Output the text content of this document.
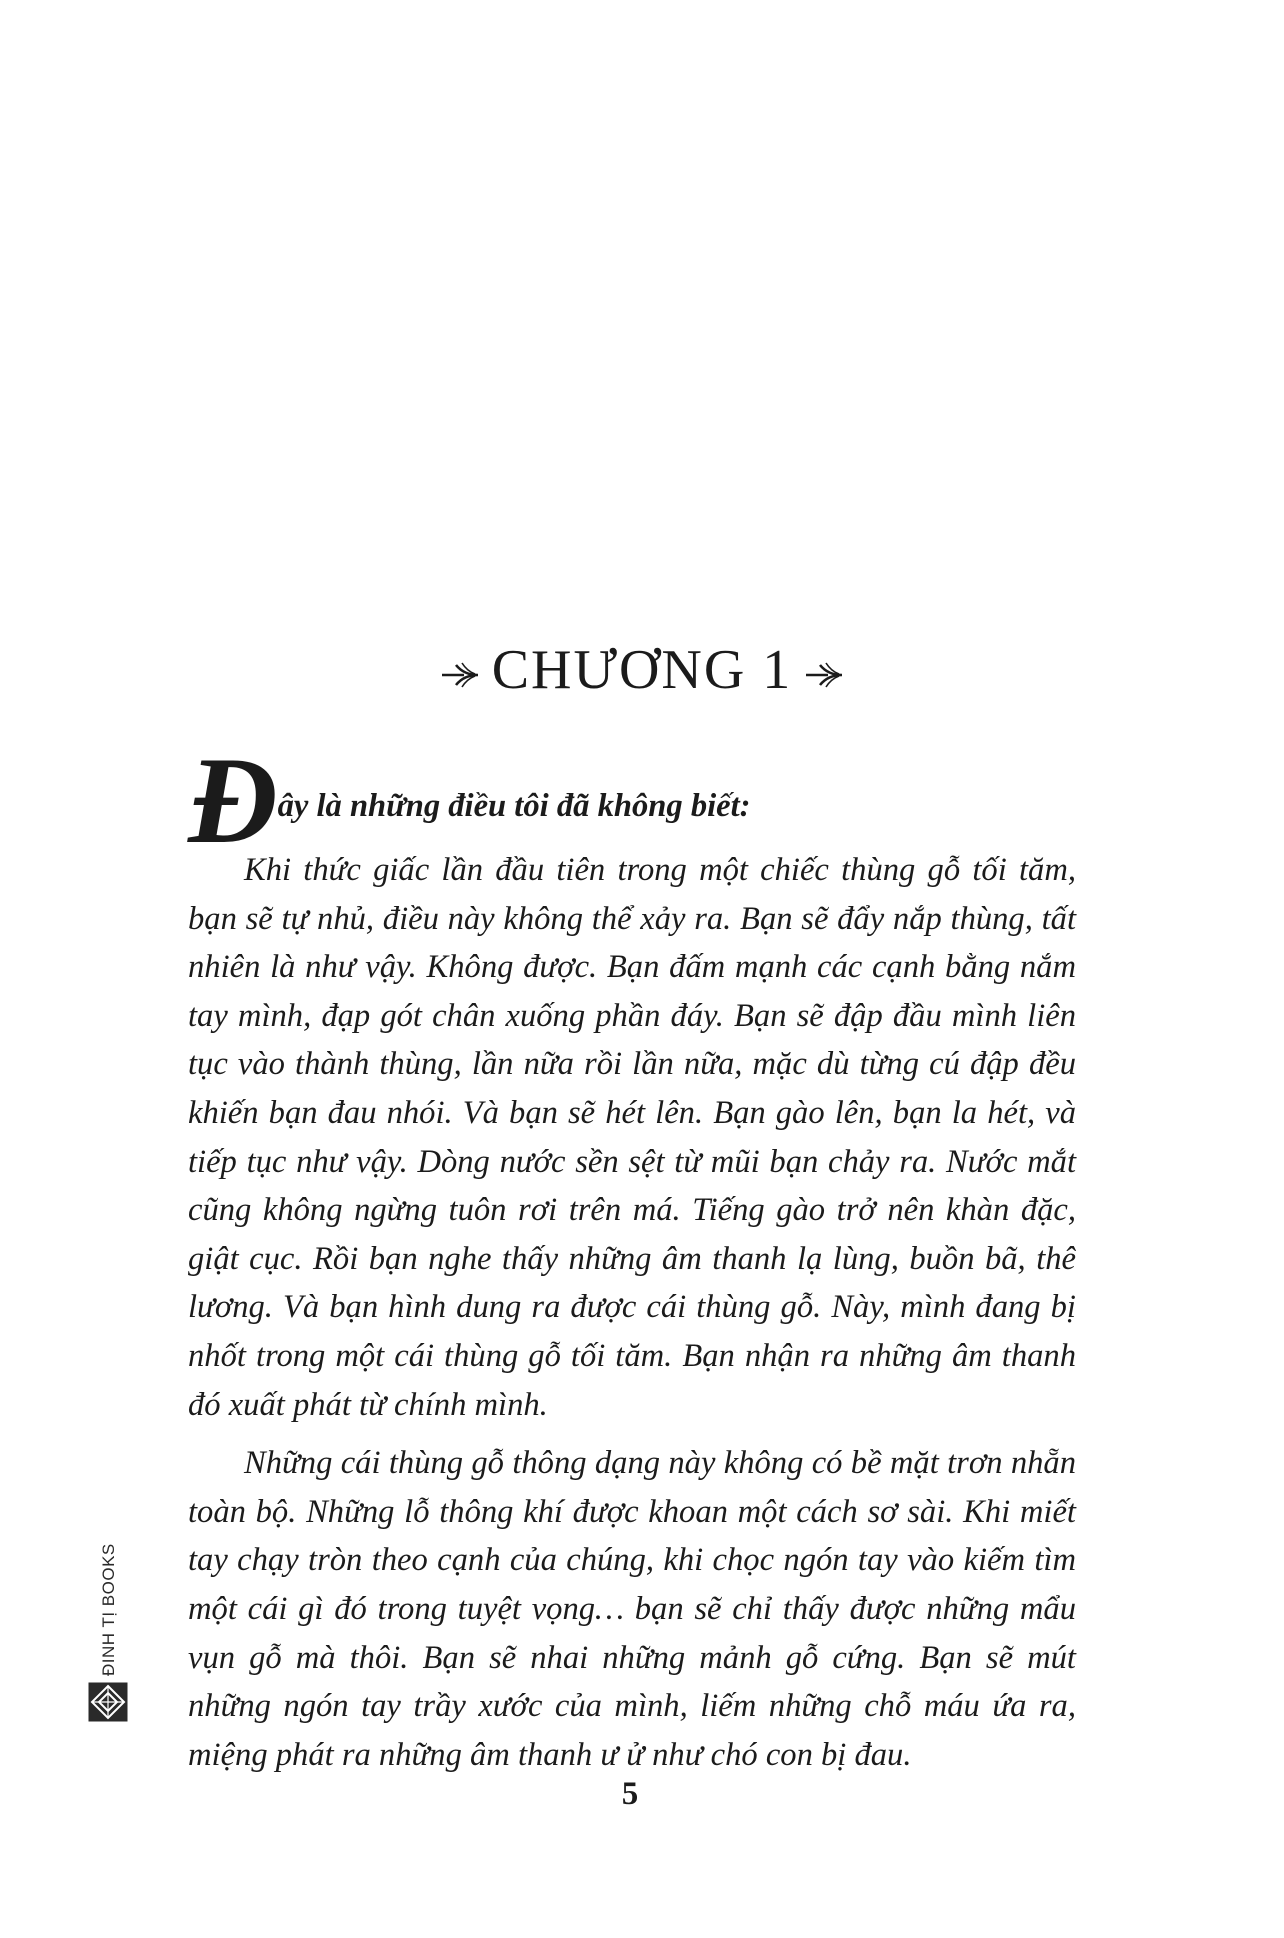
CHƯƠNG 1

Đ ây là những điều tôi đã không biết:

Khi thức giấc lần đầu tiên trong một chiếc thùng gỗ tối tăm, bạn sẽ tự nhủ, điều này không thể xảy ra. Bạn sẽ đẩy nắp thùng, tất nhiên là như vậy. Không được. Bạn đấm mạnh các cạnh bằng nắm tay mình, đạp gót chân xuống phần đáy. Bạn sẽ đập đầu mình liên tục vào thành thùng, lần nữa rồi lần nữa, mặc dù từng cú đập đều khiến bạn đau nhói. Và bạn sẽ hét lên. Bạn gào lên, bạn la hét, và tiếp tục như vậy. Dòng nước sền sệt từ mũi bạn chảy ra. Nước mắt cũng không ngừng tuôn rơi trên má. Tiếng gào trở nên khàn đặc, giật cục. Rồi bạn nghe thấy những âm thanh lạ lùng, buồn bã, thê lương. Và bạn hình dung ra được cái thùng gỗ. Này, mình đang bị nhốt trong một cái thùng gỗ tối tăm. Bạn nhận ra những âm thanh đó xuất phát từ chính mình.

Những cái thùng gỗ thông dạng này không có bề mặt trơn nhẵn toàn bộ. Những lỗ thông khí được khoan một cách sơ sài. Khi miết tay chạy tròn theo cạnh của chúng, khi chọc ngón tay vào kiếm tìm một cái gì đó trong tuyệt vọng… bạn sẽ chỉ thấy được những mẩu vụn gỗ mà thôi. Bạn sẽ nhai những mảnh gỗ cứng. Bạn sẽ mút những ngón tay trầy xước của mình, liếm những chỗ máu ứa ra, miệng phát ra những âm thanh ư ử như chó con bị đau.

5
ĐINH TỊ BOOKS
